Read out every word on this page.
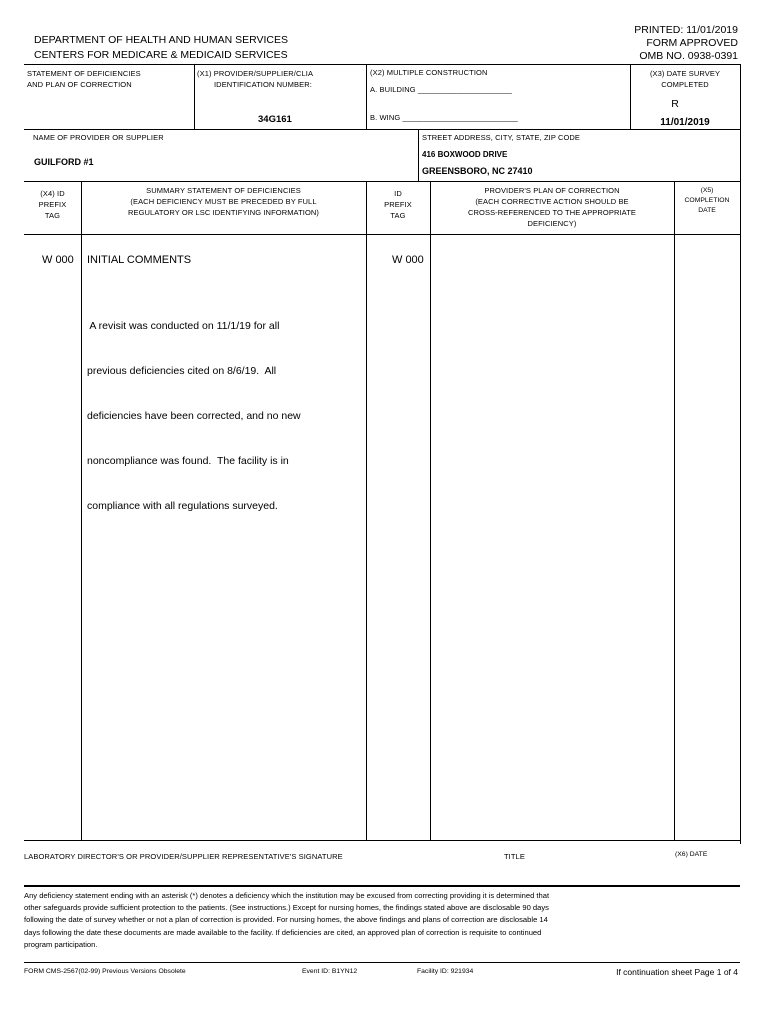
DEPARTMENT OF HEALTH AND HUMAN SERVICES
CENTERS FOR MEDICARE & MEDICAID SERVICES
PRINTED: 11/01/2019
FORM APPROVED
OMB NO. 0938-0391
STATEMENT OF DEFICIENCIES
AND PLAN OF CORRECTION
(X1) PROVIDER/SUPPLIER/CLIA
IDENTIFICATION NUMBER:
34G161
(X2) MULTIPLE CONSTRUCTION
A. BUILDING ______________________
B. WING ___________________________
(X3) DATE SURVEY
COMPLETED
R
11/01/2019
NAME OF PROVIDER OR SUPPLIER
GUILFORD #1
STREET ADDRESS, CITY, STATE, ZIP CODE
416 BOXWOOD DRIVE
GREENSBORO, NC 27410
(X4) ID
PREFIX
TAG
SUMMARY STATEMENT OF DEFICIENCIES
(EACH DEFICIENCY MUST BE PRECEDED BY FULL
REGULATORY OR LSC IDENTIFYING INFORMATION)
ID
PREFIX
TAG
PROVIDER'S PLAN OF CORRECTION
(EACH CORRECTIVE ACTION SHOULD BE
CROSS-REFERENCED TO THE APPROPRIATE
DEFICIENCY)
(X5)
COMPLETION
DATE
W 000 INITIAL COMMENTS	W 000

A revisit was conducted on 11/1/19 for all

previous deficiencies cited on 8/6/19.  All

deficiencies have been corrected, and no new

noncompliance was found.  The facility is in

compliance with all regulations surveyed.

LABORATORY DIRECTOR'S OR PROVIDER/SUPPLIER REPRESENTATIVE'S SIGNATURE	TITLE	(X6) DATE
Any deficiency statement ending with an asterisk (*) denotes a deficiency which the institution may be excused from correcting providing it is determined that
other safeguards provide sufficient protection to the patients. (See instructions.) Except for nursing homes, the findings stated above are disclosable 90 days
following the date of survey whether or not a plan of correction is provided. For nursing homes, the above findings and plans of correction are disclosable 14
days following the date these documents are made available to the facility. If deficiencies are cited, an approved plan of correction is requisite to continued
program participation.
FORM CMS-2567(02-99) Previous Versions Obsolete	Event ID: B1YN12	Facility ID: 921934	If continuation sheet Page 1 of 4
